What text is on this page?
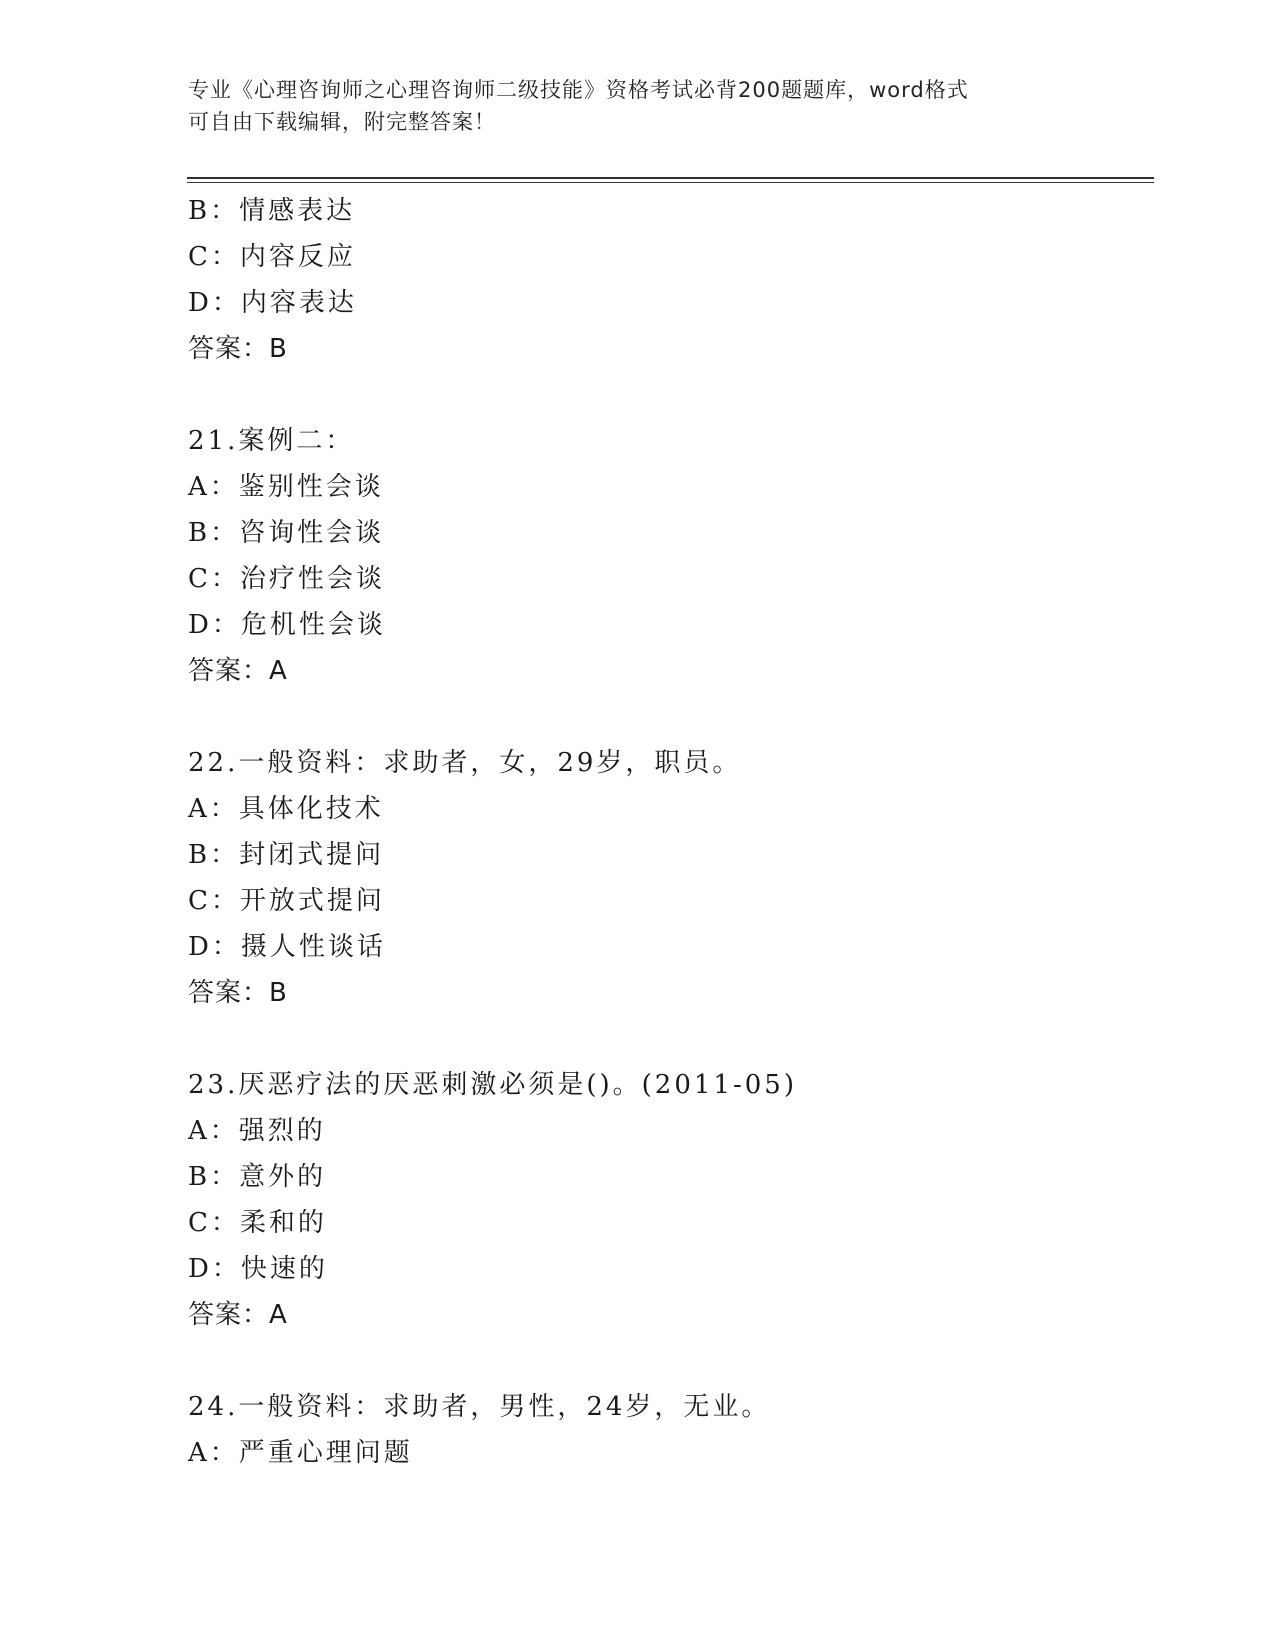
专业《心理咨询师之心理咨询师二级技能》资格考试必背200题题库，word格式
可自由下载编辑，附完整答案！
B：情感表达
C：内容反应
D：内容表达
答案：B
21.案例二：
A：鉴别性会谈
B：咨询性会谈
C：治疗性会谈
D：危机性会谈
答案：A
22.一般资料：求助者，女，29岁，职员。
A：具体化技术
B：封闭式提问
C：开放式提问
D：摄人性谈话
答案：B
23.厌恶疗法的厌恶刺激必须是()。(2011-05)
A：强烈的
B：意外的
C：柔和的
D：快速的
答案：A
24.一般资料：求助者，男性，24岁，无业。
A：严重心理问题
